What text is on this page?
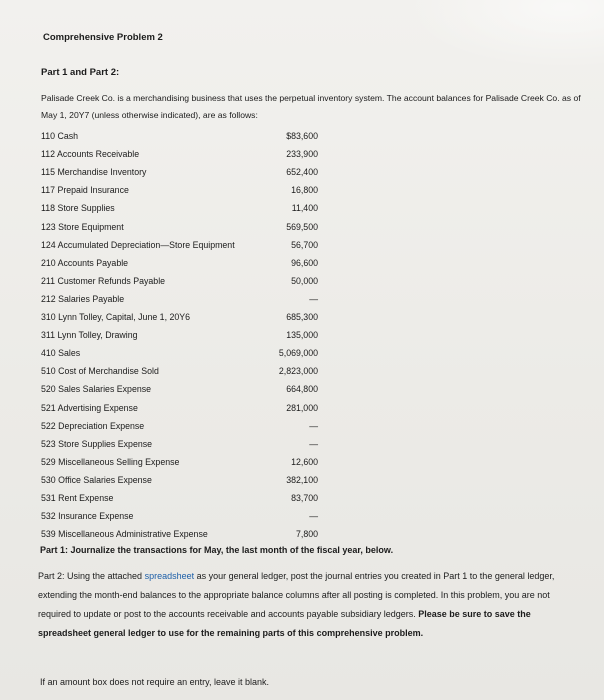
Comprehensive Problem 2
Part 1 and Part 2:
Palisade Creek Co. is a merchandising business that uses the perpetual inventory system. The account balances for Palisade Creek Co. as of May 1, 20Y7 (unless otherwise indicated), are as follows:
110 Cash	$83,600
112 Accounts Receivable	233,900
115 Merchandise Inventory	652,400
117 Prepaid Insurance	16,800
118 Store Supplies	11,400
123 Store Equipment	569,500
124 Accumulated Depreciation—Store Equipment	56,700
210 Accounts Payable	96,600
211 Customer Refunds Payable	50,000
212 Salaries Payable	—
310 Lynn Tolley, Capital, June 1, 20Y6	685,300
311 Lynn Tolley, Drawing	135,000
410 Sales	5,069,000
510 Cost of Merchandise Sold	2,823,000
520 Sales Salaries Expense	664,800
521 Advertising Expense	281,000
522 Depreciation Expense	—
523 Store Supplies Expense	—
529 Miscellaneous Selling Expense	12,600
530 Office Salaries Expense	382,100
531 Rent Expense	83,700
532 Insurance Expense	—
539 Miscellaneous Administrative Expense	7,800
Part 1: Journalize the transactions for May, the last month of the fiscal year, below.
Part 2: Using the attached spreadsheet as your general ledger, post the journal entries you created in Part 1 to the general ledger, extending the month-end balances to the appropriate balance columns after all posting is completed. In this problem, you are not required to update or post to the accounts receivable and accounts payable subsidiary ledgers. Please be sure to save the spreadsheet general ledger to use for the remaining parts of this comprehensive problem.
If an amount box does not require an entry, leave it blank.
